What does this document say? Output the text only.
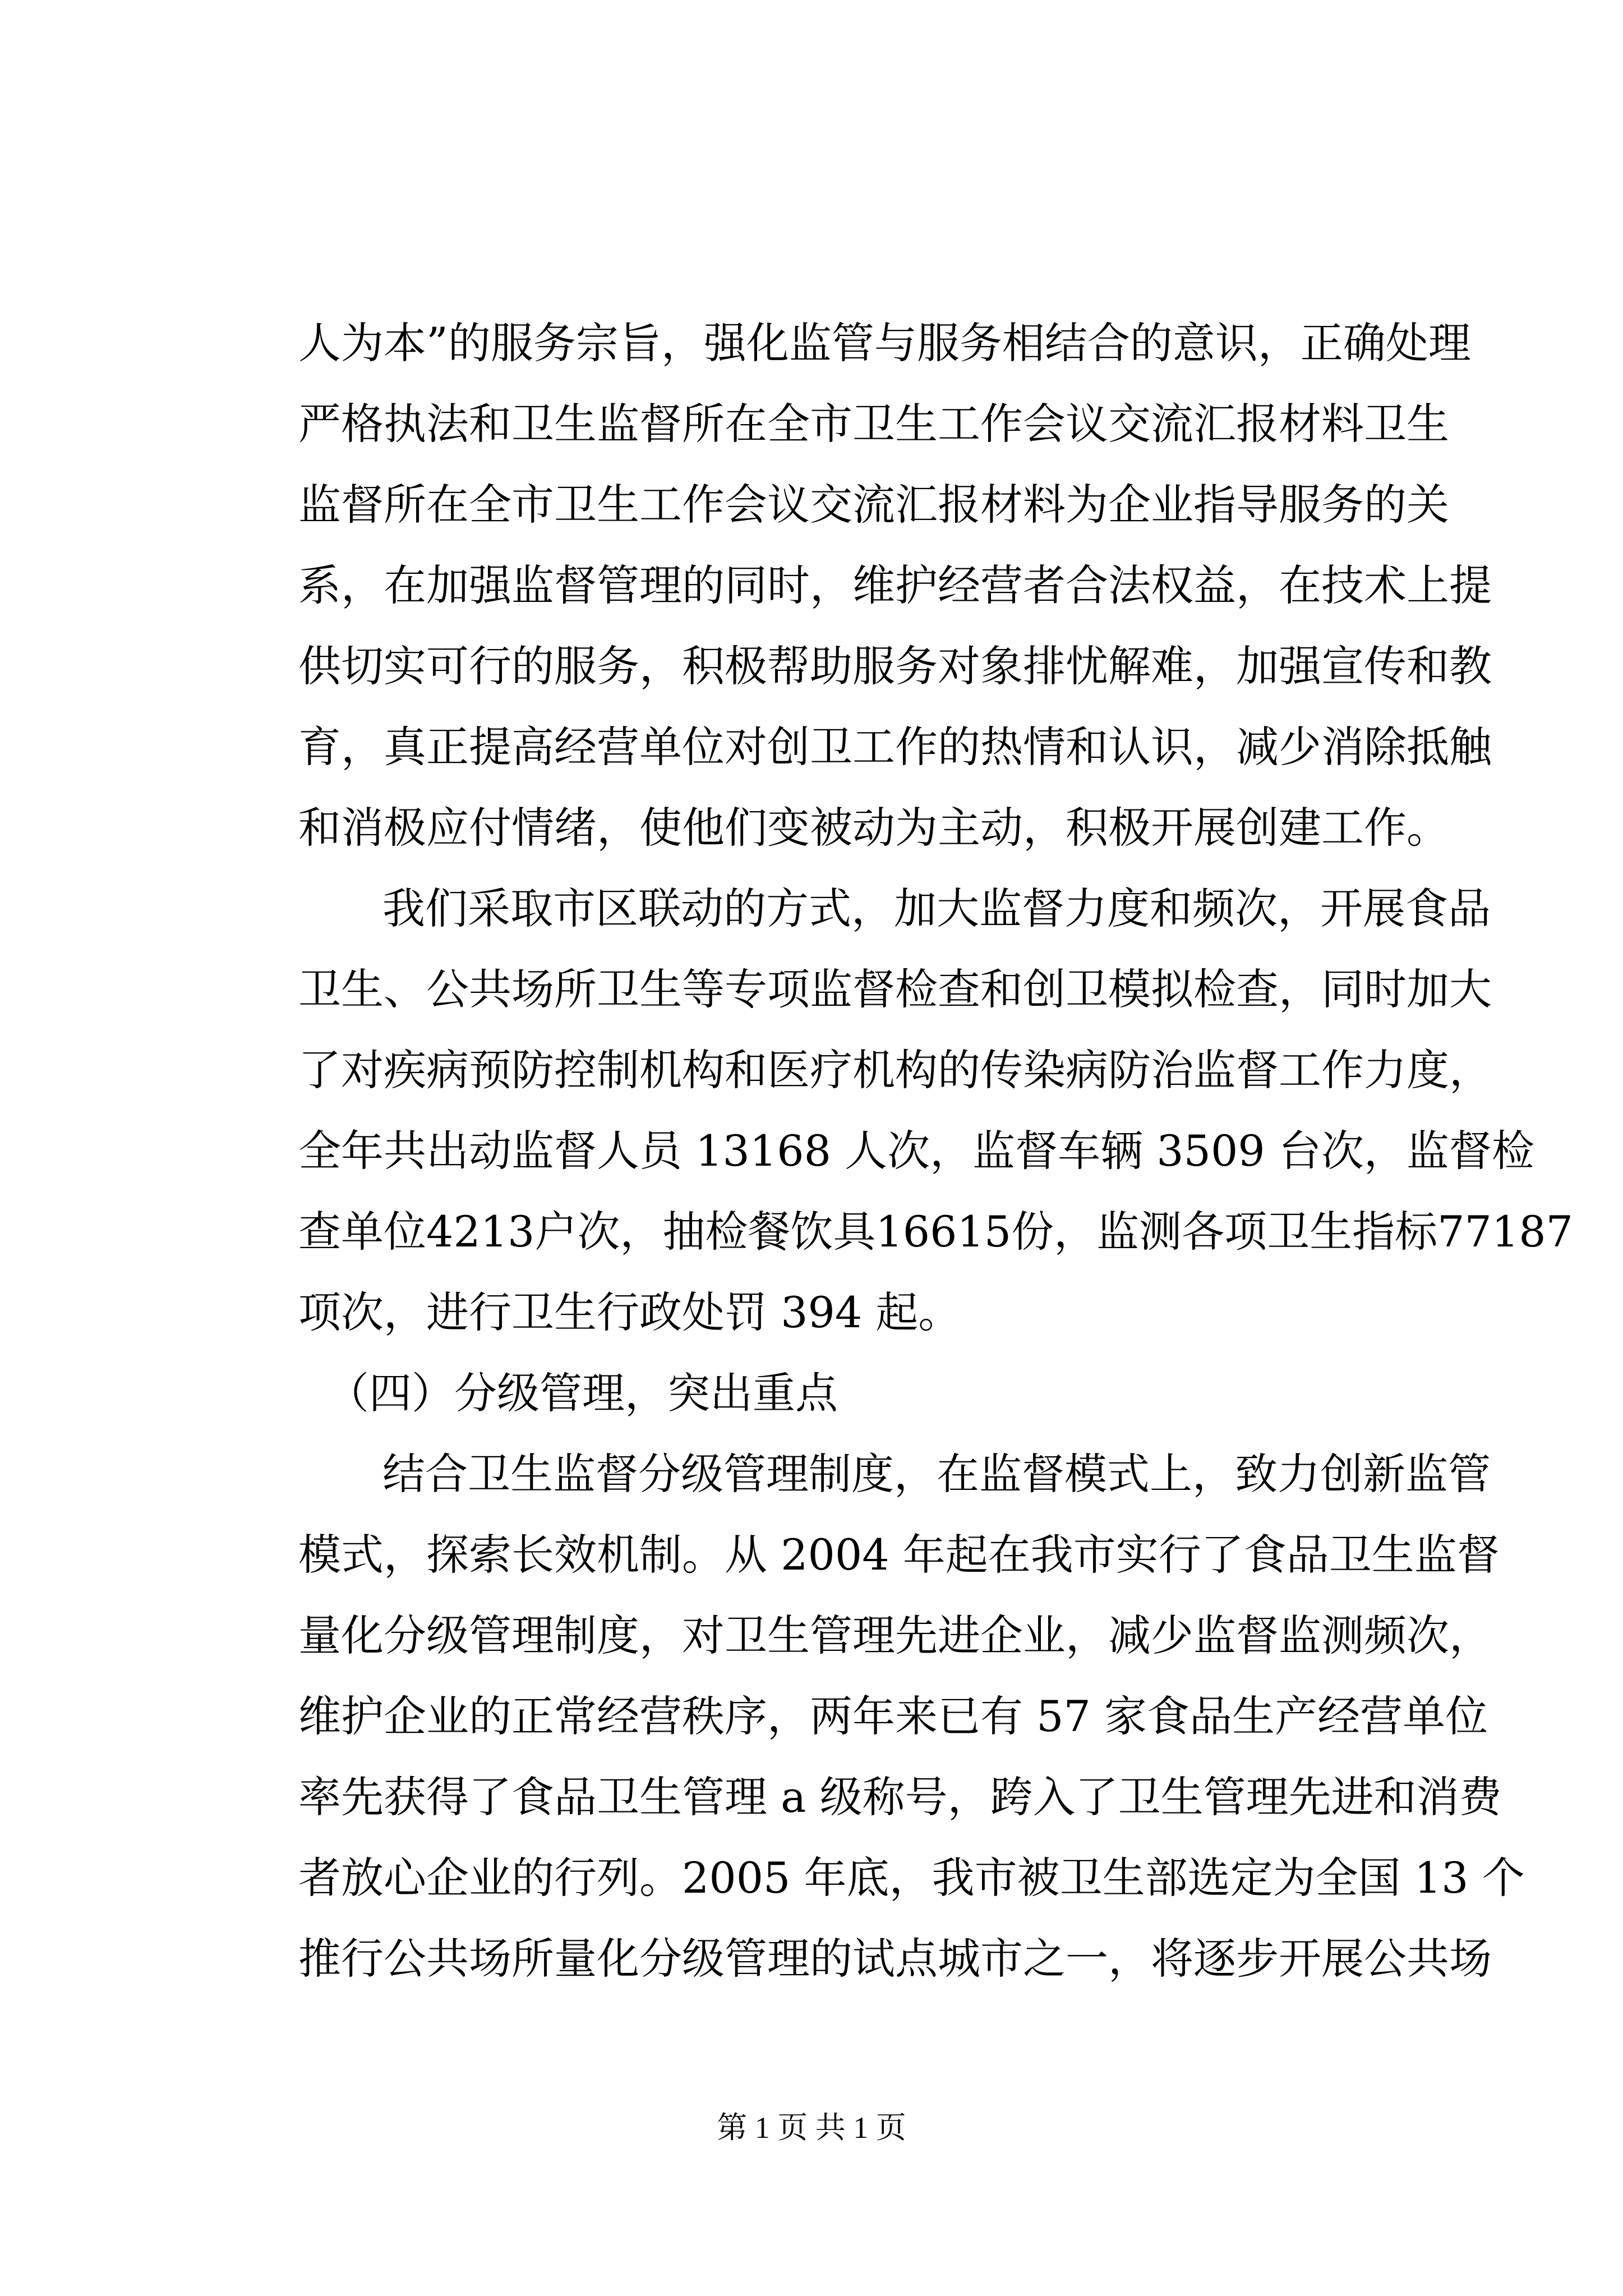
人为本”的服务宗旨，强化监管与服务相结合的意识，正确处理
严格执法和卫生监督所在全市卫生工作会议交流汇报材料卫生
监督所在全市卫生工作会议交流汇报材料为企业指导服务的关
系，在加强监督管理的同时，维护经营者合法权益，在技术上提
供切实可行的服务，积极帮助服务对象排忧解难，加强宣传和教
育，真正提高经营单位对创卫工作的热情和认识，减少消除抵触
和消极应付情绪，使他们变被动为主动，积极开展创建工作。
我们采取市区联动的方式，加大监督力度和频次，开展食品
卫生、公共场所卫生等专项监督检查和创卫模拟检查，同时加大
了对疾病预防控制机构和医疗机构的传染病防治监督工作力度，
全年共出动监督人员 13168 人次，监督车辆 3509 台次，监督检
查单位4213户次，抽检餐饮具16615份，监测各项卫生指标77187
项次，进行卫生行政处罚 394 起。
（四）分级管理，突出重点
结合卫生监督分级管理制度，在监督模式上，致力创新监管
模式，探索长效机制。从 2004 年起在我市实行了食品卫生监督
量化分级管理制度，对卫生管理先进企业，减少监督监测频次，
维护企业的正常经营秩序，两年来已有 57 家食品生产经营单位
率先获得了食品卫生管理 a 级称号，跨入了卫生管理先进和消费
者放心企业的行列。2005 年底，我市被卫生部选定为全国 13 个
推行公共场所量化分级管理的试点城市之一，将逐步开展公共场
第 1 页 共 1 页
